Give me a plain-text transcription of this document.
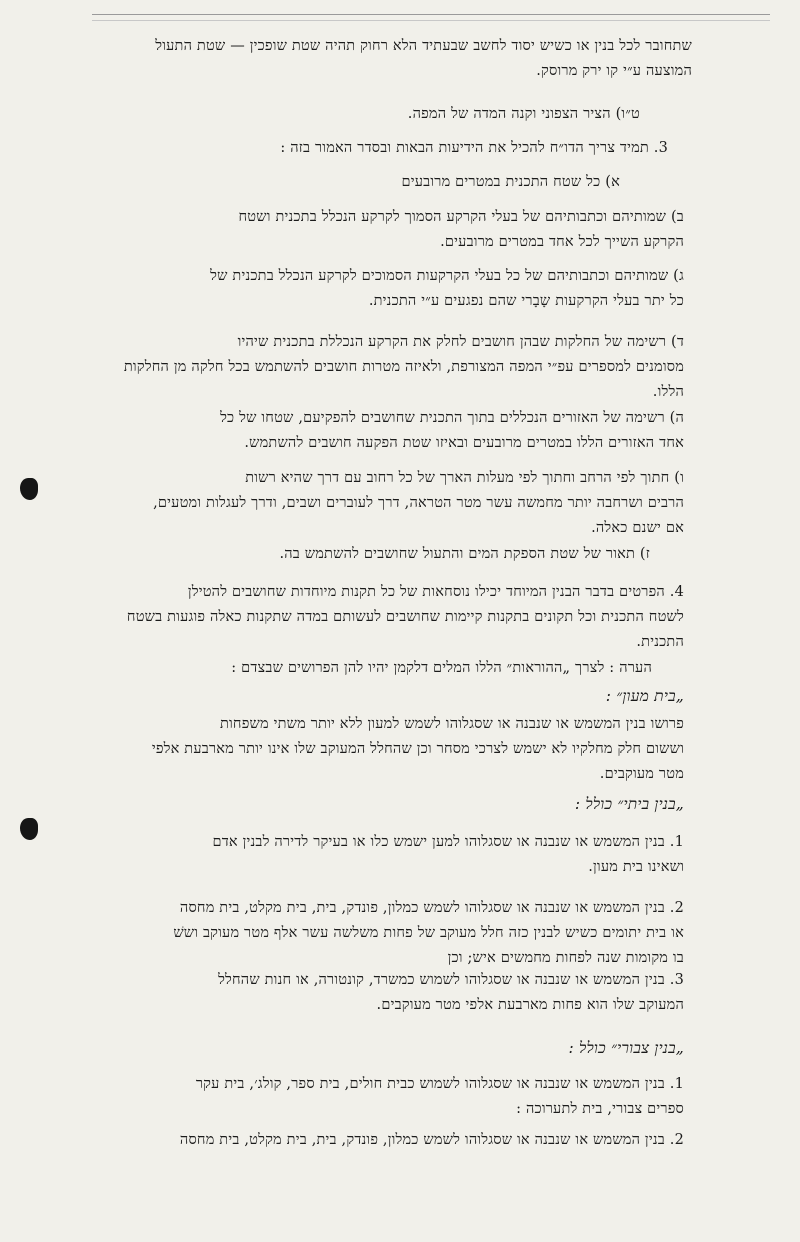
שתחובר לכל בנין או כשיש יסוד לחשב שבעתיד הלא רחוק תהיה שטת שופכין — שטת התעול
המוצעה ע״י קו ירק מרוסק.
ט״ו) הציר הצפוני וקנה המדה של המפה.
3. תמיד צריך הדו״ח להכיל את הידיעות הבאות ובסדר האמור בזה :
א) כל שטח התכנית במטרים מרובעים
ב) שמותיהם וכתבותיהם של בעלי הקרקע הסמוך לקרקע הנכלל בתכנית ושטח
הקרקע השייך לכל אחד במטרים מרובעים.
ג) שמותיהם וכתבותיהם של כל בעלי הקרקעות הסמוכים לקרקע הנכלל בתכנית של
כל יתר בעלי הקרקעות שָבָרי שהם נפגעים ע״י התכנית.
ד) רשימה של החלקות שבהן חושבים לחלק את הקרקע הנכללת בתכנית שיהיו
מסומנים למספרים עפ״י המפה המצורפת, ולאיזה מטרות חושבים להשתמש בכל חלקה מן החלקות
הללו.
ה) רשימה של האזורים הנכללים בתוך התכנית שחושבים להפקיעם, שטחו של כל
אחד האזורים הללו במטרים מרובעים ובאיזו שטת הפקעה חושבים להשתמש.
ו) חתוך לפי הרחב וחתוך לפי מעלות הארך של כל רחוב עם דרך שהיא רשות
הרבים ושרחבה יותר מחמשה עשר מטר הטראה, דרך לעוברים ושבים, ודרך לעגלות ומטעים,
אם ישנם כאלה.
ז) תאור של שטת הספקת המים והתעול שחושבים להשתמש בה.
4. הפרטים בדבר הבנין המיוחד יכילו נוסחאות של כל תקנות מיוחדות שחושבים להטילן
לשטח התכנית וכל תקונים בתקנות קיימות שחושבים לעשותם במדה שתקנות כאלה פוגעות בשטח
התכנית.
הערה : לצרך „ההוראות״ הללו המלים דלקמן יהיו להן הפרושים שבצדם :
„בית מעון״ :
פרושו בנין המשמש או שנבנה או שסגלוהו לשמש למעון ללא יותר משתי משפחות
וששום חלק מחלקיו לא ישמש לצרכי מסחר וכן שהחלל המעוקב שלו אינו יותר מארבעת אלפי
מטר מעוקבים.
„בנין ביתי״ כולל :
1. בנין המשמש או שנבנה או שסגלוהו למען ישמש כלו או בעיקר לדירה לבנין אדם
ושאינו בית מעון.
2. בנין המשמש או שנבנה או שסגלוהו לשמש כמלון, פונדק, בית, בית מקלט, בית מחסה
או בית יתומים כשיש לבנין כזה חלל מעוקב של פחות משלשה עשר אלף מטר מעוקב וששׁ
בו מקומות שנה לפחות מחמשים איש; וכן
3. בנין המשמש או שנבנה או שסגלוהו לשמוש כמשרד, קונטורה, או חנות שהחלל
המעוקב שלו הוא פחות מארבעת אלפי מטר מעוקבים.
„בנין צבורי״ כולל :
1. בנין המשמש או שנבנה או שסגלוהו לשמוש כבית חולים, בית ספר, קולג׳, בית עקר
ספרים צבורי, בית לתערוכה :
2. בנין המשמש או שנבנה או שסגלוהו לשמש כמלון, פונדק, בית, בית מקלט, בית מחסה
